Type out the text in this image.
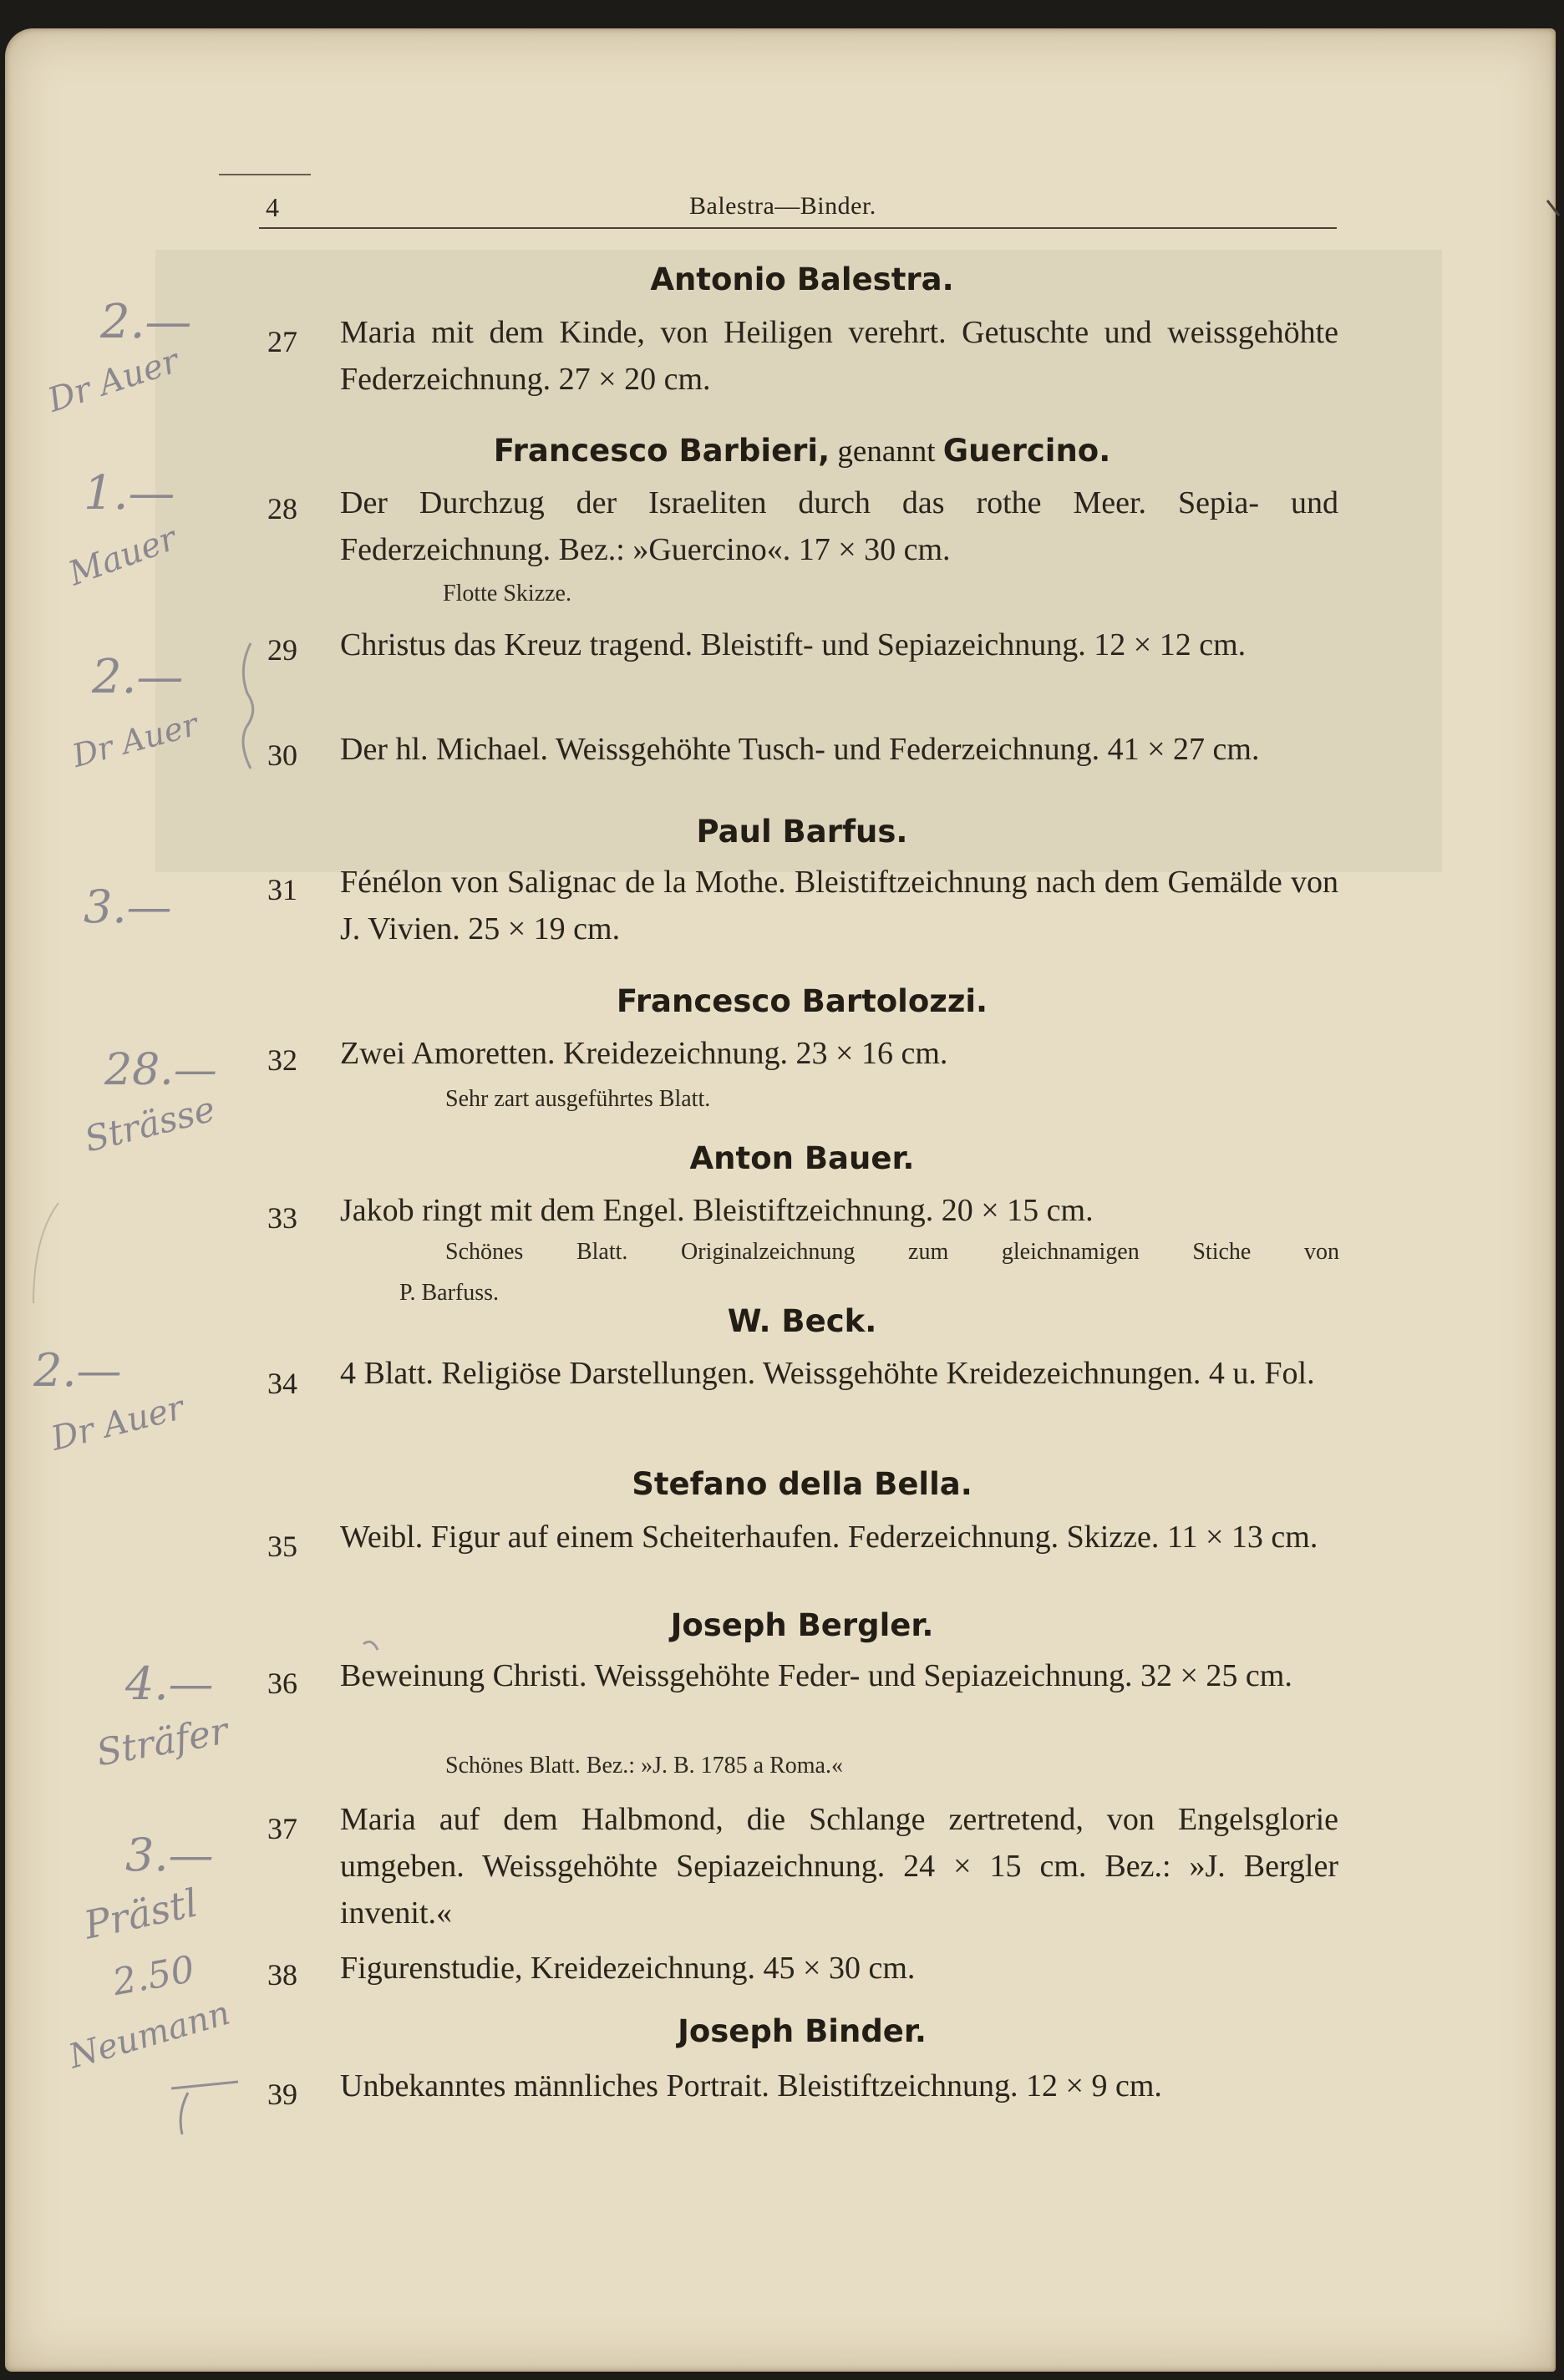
4	Balestra—Binder.
Antonio Balestra.
27	Maria mit dem Kinde, von Heiligen verehrt. Getuschte und weissgehöhte Federzeichnung. 27 × 20 cm.
Francesco Barbieri, genannt Guercino.
28	Der Durchzug der Israeliten durch das rothe Meer. Sepia- und Federzeichnung. Bez.: »Guercino«. 17 × 30 cm.
Flotte Skizze.
29	Christus das Kreuz tragend. Bleistift- und Sepiazeichnung. 12 × 12 cm.
30	Der hl. Michael. Weissgehöhte Tusch- und Federzeichnung. 41 × 27 cm.
Paul Barfus.
31	Fénélon von Salignac de la Mothe. Bleistiftzeichnung nach dem Gemälde von J. Vivien. 25 × 19 cm.
Francesco Bartolozzi.
32	Zwei Amoretten. Kreidezeichnung. 23 × 16 cm.
Sehr zart ausgeführtes Blatt.
Anton Bauer.
33	Jakob ringt mit dem Engel. Bleistiftzeichnung. 20 × 15 cm.
Schönes Blatt. Originalzeichnung zum gleichnamigen Stiche von
P. Barfuss.
W. Beck.
34	4 Blatt. Religiöse Darstellungen. Weissgehöhte Kreidezeichnungen. 4 u. Fol.
Stefano della Bella.
35	Weibl. Figur auf einem Scheiterhaufen. Federzeichnung. Skizze. 11 × 13 cm.
Joseph Bergler.
36	Beweinung Christi. Weissgehöhte Feder- und Sepiazeichnung. 32 × 25 cm.
Schönes Blatt. Bez.: »J. B. 1785 a Roma.«
37	Maria auf dem Halbmond, die Schlange zertretend, von Engelsglorie umgeben. Weissgehöhte Sepiazeichnung. 24 × 15 cm. Bez.: »J. Bergler invenit.«
38	Figurenstudie, Kreidezeichnung. 45 × 30 cm.
Joseph Binder.
39	Unbekanntes männliches Portrait. Bleistiftzeichnung. 12 × 9 cm.
2.—
Dr Auer
1.—
Mauer
2.—
Dr Auer
3.—
28.—
Strässe
2.—
Dr Auer
4.—
Sträfer
3.—
Prästl
2.50
Neumann
